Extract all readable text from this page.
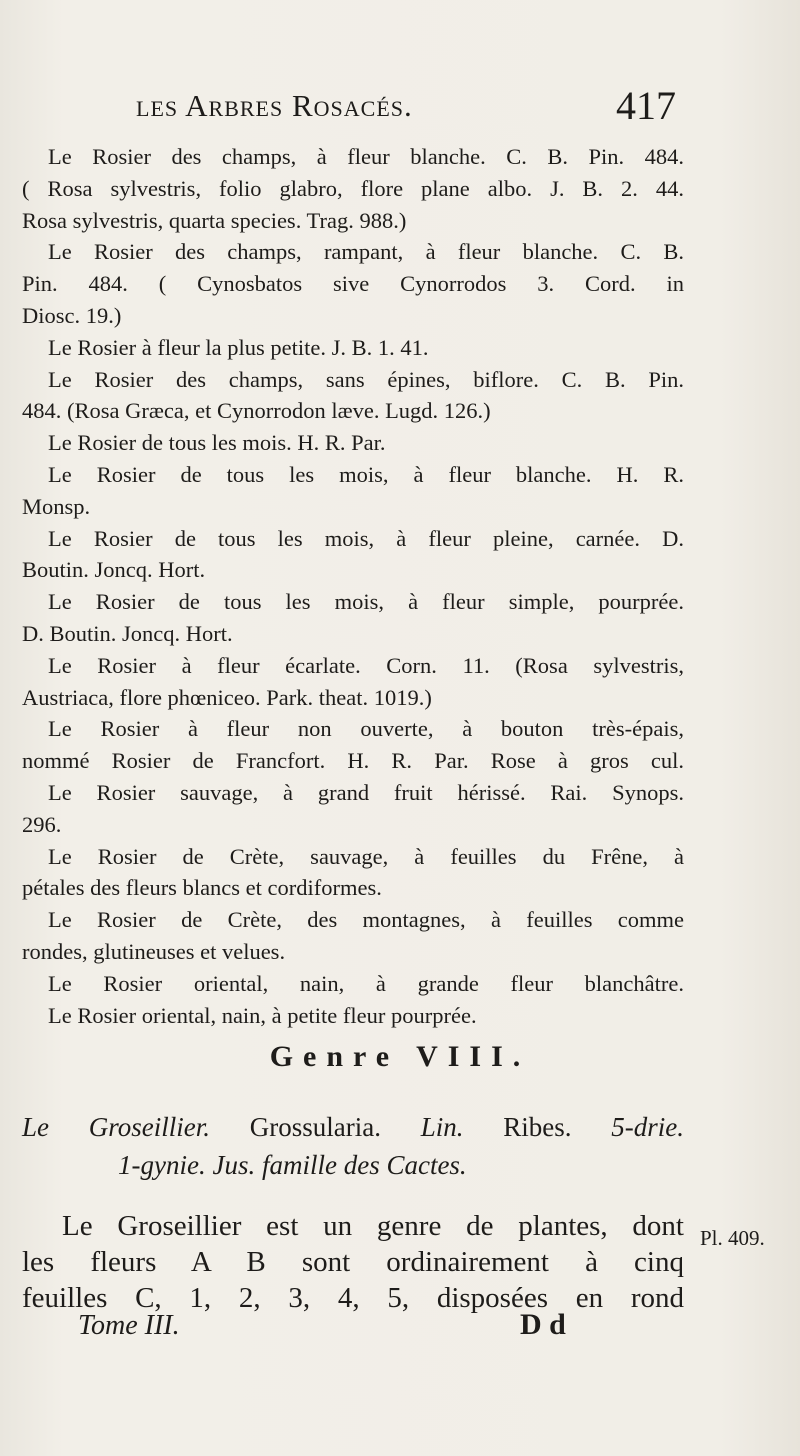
les Arbres Rosacés.	417
Le Rosier des champs, à fleur blanche. C. B. Pin. 484.
( Rosa sylvestris, folio glabro, flore plane albo. J. B. 2. 44.
Rosa sylvestris, quarta species. Trag. 988.)
Le Rosier des champs, rampant, à fleur blanche. C. B.
Pin. 484. ( Cynosbatos sive Cynorrodos 3. Cord. in
Diosc. 19.)
Le Rosier à fleur la plus petite. J. B. 1. 41.
Le Rosier des champs, sans épines, biflore. C. B. Pin.
484. (Rosa Græca, et Cynorrodon læve. Lugd. 126.)
Le Rosier de tous les mois. H. R. Par.
Le Rosier de tous les mois, à fleur blanche. H. R.
Monsp.
Le Rosier de tous les mois, à fleur pleine, carnée. D.
Boutin. Joncq. Hort.
Le Rosier de tous les mois, à fleur simple, pourprée.
D. Boutin. Joncq. Hort.
Le Rosier à fleur écarlate. Corn. 11. (Rosa sylvestris,
Austriaca, flore phœniceo. Park. theat. 1019.)
Le Rosier à fleur non ouverte, à bouton très-épais,
nommé Rosier de Francfort. H. R. Par. Rose à gros cul.
Le Rosier sauvage, à grand fruit hérissé. Rai. Synops.
296.
Le Rosier de Crète, sauvage, à feuilles du Frêne, à
pétales des fleurs blancs et cordiformes.
Le Rosier de Crète, des montagnes, à feuilles comme
rondes, glutineuses et velues.
Le Rosier oriental, nain, à grande fleur blanchâtre.
Le Rosier oriental, nain, à petite fleur pourprée.
Genre VIII.
Le Groseillier. Grossularia. Lin. Ribes. 5-drie.
1-gynie. Jus. famille des Cactes.
Le Groseillier est un genre de plantes, dont
les fleurs A B sont ordinairement à cinq
feuilles C, 1, 2, 3, 4, 5, disposées en rond
Pl. 409.
Tome III.	D d
